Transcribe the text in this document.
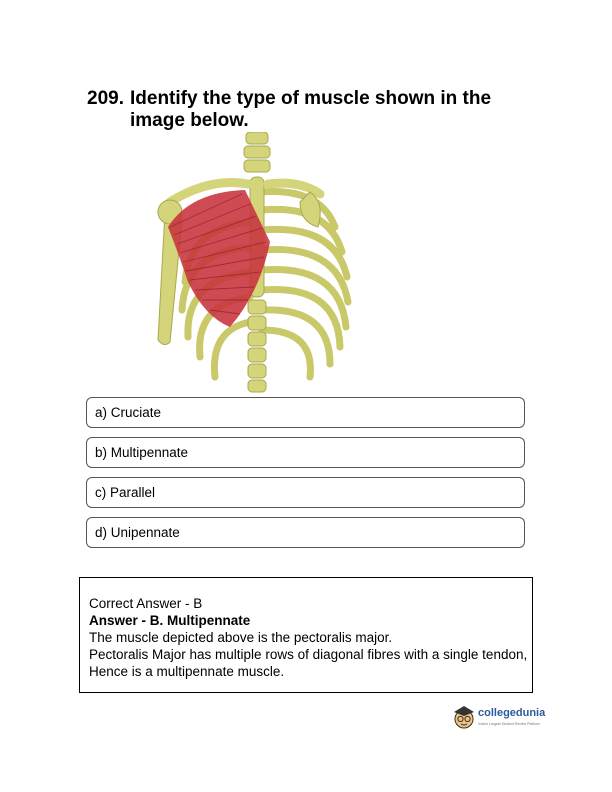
209. Identify the type of muscle shown in the image below.
a) Cruciate
b) Multipennate
c) Parallel
d) Unipennate
Correct Answer - B
Answer - B. Multipennate
The muscle depicted above is the pectoralis major.
Pectoralis Major has multiple rows of diagonal fibres with a single tendon, Hence is a multipennate muscle.
collegedunia
India's Largest Student Review Platform
